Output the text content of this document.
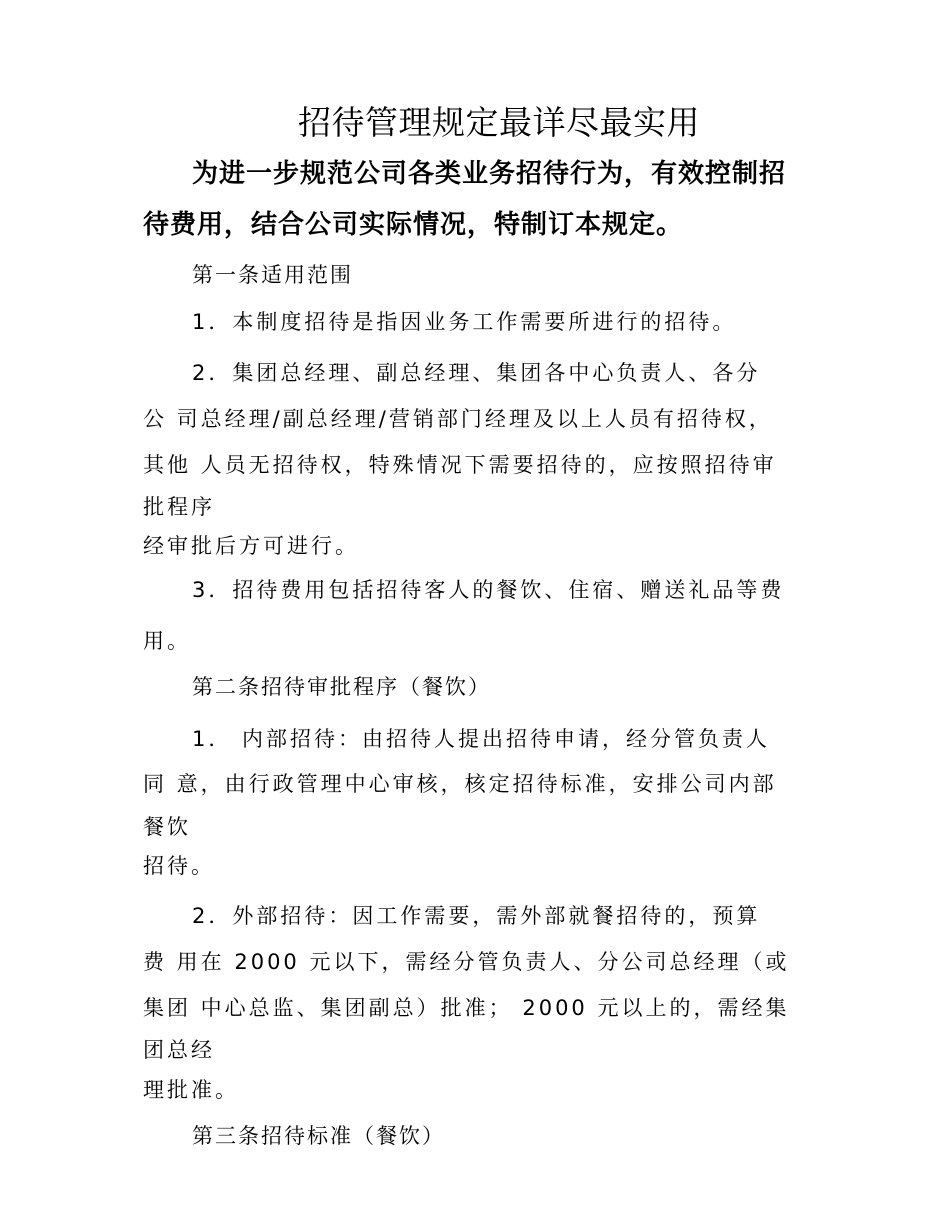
招待管理规定最详尽最实用
为进一步规范公司各类业务招待行为，有效控制招
待费用，结合公司实际情况，特制订本规定。
第一条适用范围
1．本制度招待是指因业务工作需要所进行的招待。
2．集团总经理、副总经理、集团各中心负责人、各分
公 司总经理/副总经理/营销部门经理及以上人员有招待权，
其他 人员无招待权，特殊情况下需要招待的，应按照招待审
批程序
经审批后方可进行。
3．招待费用包括招待客人的餐饮、住宿、赠送礼品等费
用。
第二条招待审批程序（餐饮）
1． 内部招待：由招待人提出招待申请，经分管负责人
同 意，由行政管理中心审核，核定招待标准，安排公司内部
餐饮
招待。
2．外部招待：因工作需要，需外部就餐招待的，预算
费 用在 2000 元以下，需经分管负责人、分公司总经理（或
集团 中心总监、集团副总）批准； 2000 元以上的，需经集
团总经
理批准。
第三条招待标准（餐饮）
